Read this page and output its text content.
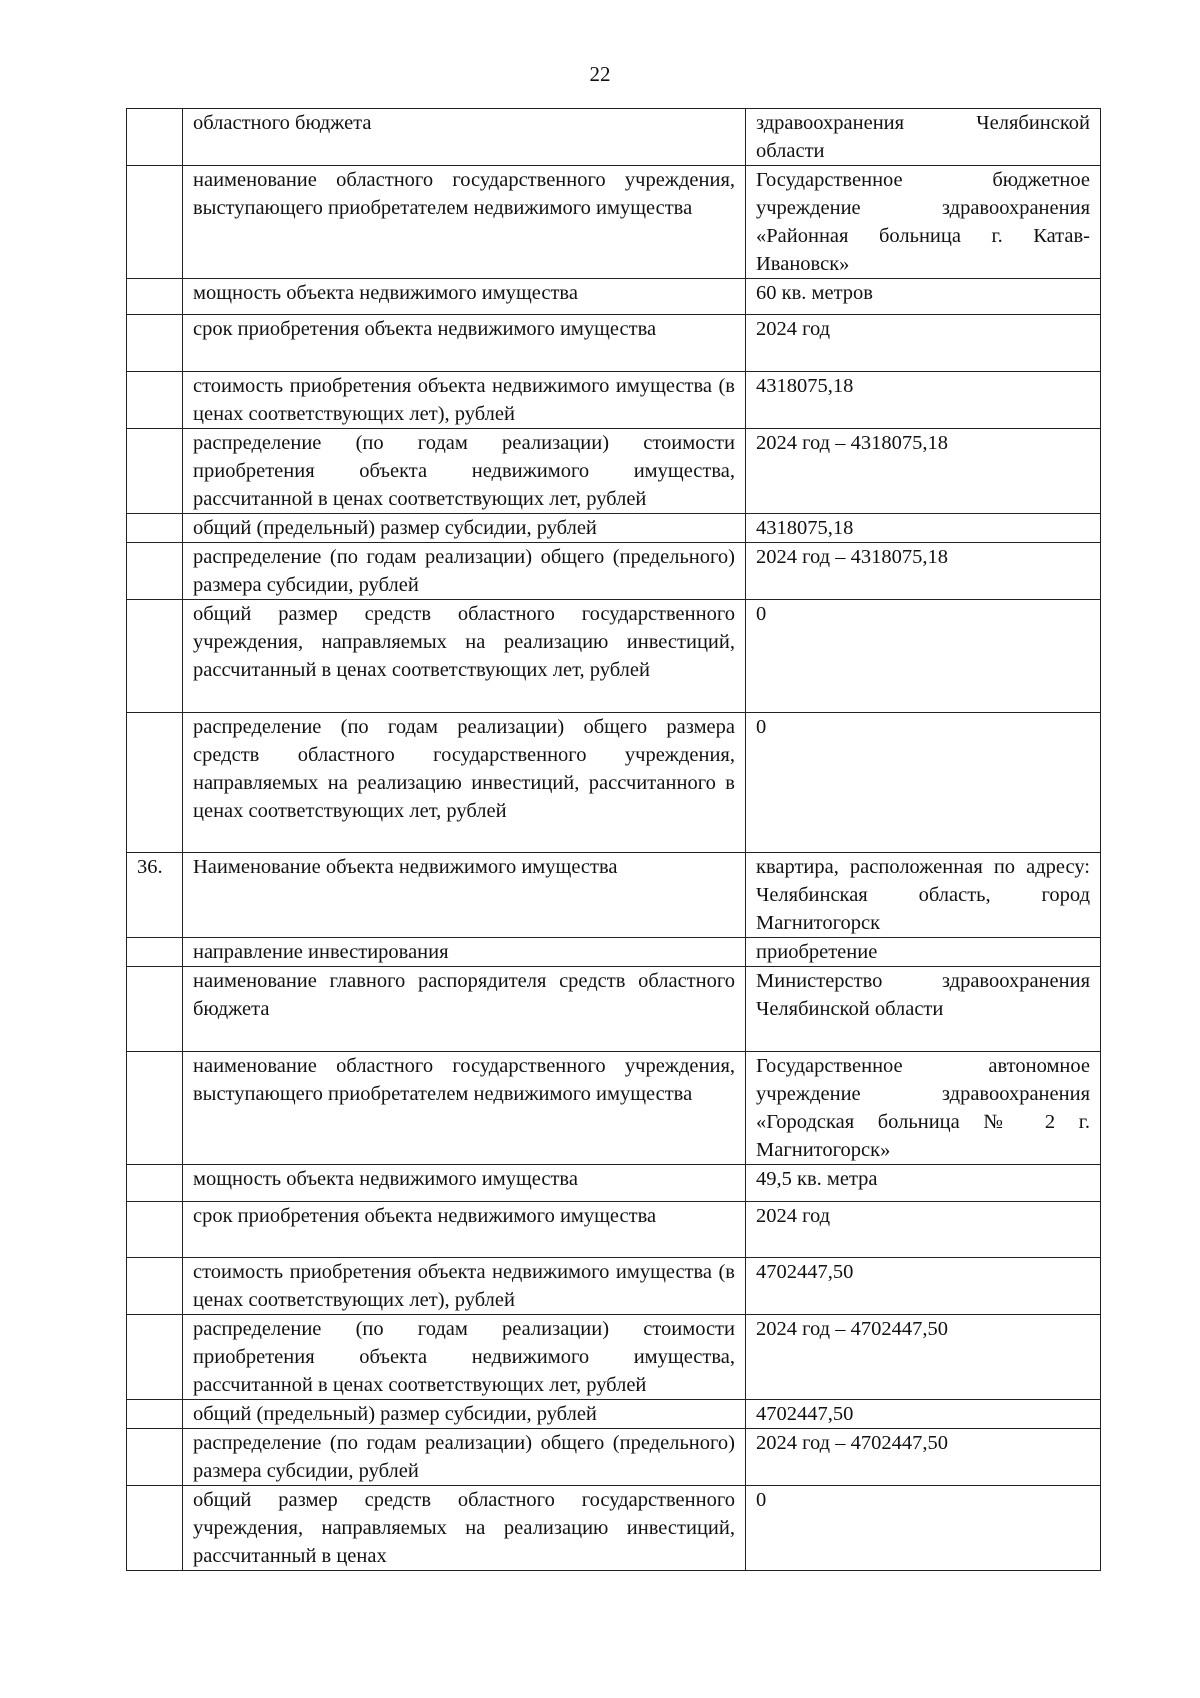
22
	областного бюджета	здравоохранения Челябинской области
	наименование областного государственного учреждения, выступающего приобретателем недвижимого имущества	Государственное бюджетное учреждение здравоохранения «Районная больница г. Катав-Ивановск»
	мощность объекта недвижимого имущества	60 кв. метров
	срок приобретения объекта недвижимого имущества	2024 год
	стоимость приобретения объекта недвижимого имущества (в ценах соответствующих лет), рублей	4318075,18
	распределение (по годам реализации) стоимости приобретения объекта недвижимого имущества, рассчитанной в ценах соответствующих лет, рублей	2024 год – 4318075,18
	общий (предельный) размер субсидии, рублей	4318075,18
	распределение (по годам реализации) общего (предельного) размера субсидии, рублей	2024 год – 4318075,18
	общий размер средств областного государственного учреждения, направляемых на реализацию инвестиций, рассчитанный в ценах соответствующих лет, рублей	0
	распределение (по годам реализации) общего размера средств областного государственного учреждения, направляемых на реализацию инвестиций, рассчитанного в ценах соответствующих лет, рублей	0
36.	Наименование объекта недвижимого имущества	квартира, расположенная по адресу: Челябинская область, город Магнитогорск
	направление инвестирования	приобретение
	наименование главного распорядителя средств областного бюджета	Министерство здравоохранения Челябинской области
	наименование областного государственного учреждения, выступающего приобретателем недвижимого имущества	Государственное автономное учреждение здравоохранения «Городская больница № 2 г. Магнитогорск»
	мощность объекта недвижимого имущества	49,5 кв. метра
	срок приобретения объекта недвижимого имущества	2024 год
	стоимость приобретения объекта недвижимого имущества (в ценах соответствующих лет), рублей	4702447,50
	распределение (по годам реализации) стоимости приобретения объекта недвижимого имущества, рассчитанной в ценах соответствующих лет, рублей	2024 год – 4702447,50
	общий (предельный) размер субсидии, рублей	4702447,50
	распределение (по годам реализации) общего (предельного) размера субсидии, рублей	2024 год – 4702447,50
	общий размер средств областного государственного учреждения, направляемых на реализацию инвестиций, рассчитанный в ценах	0
